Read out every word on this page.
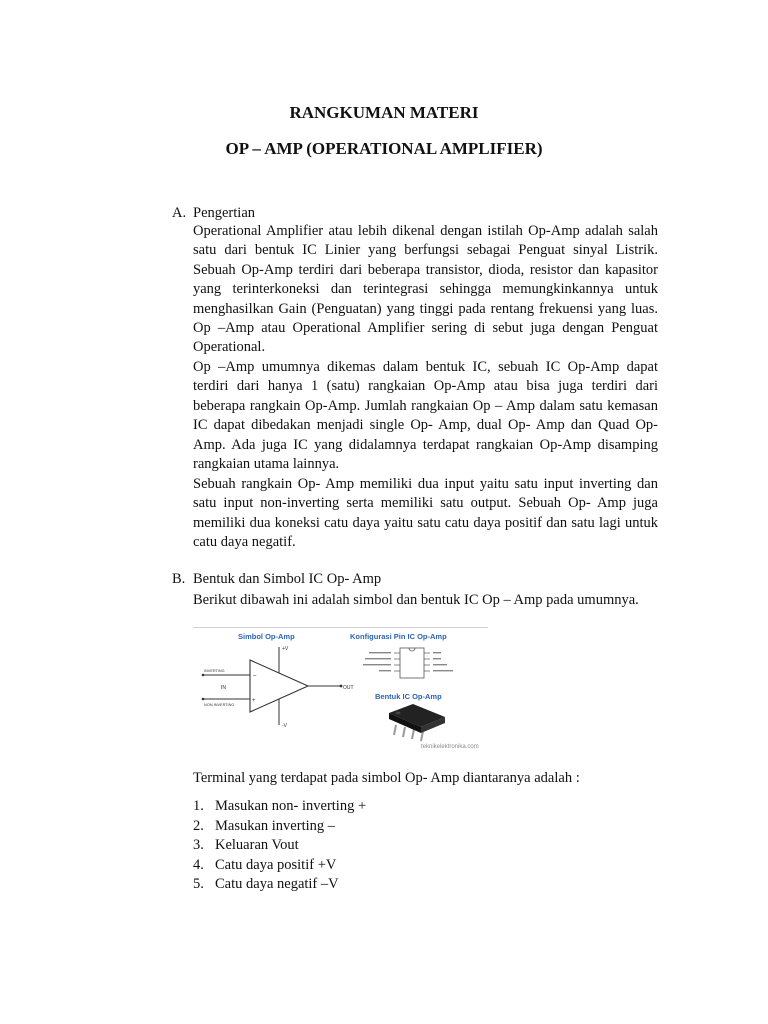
RANGKUMAN MATERI
OP – AMP (OPERATIONAL AMPLIFIER)
A. Pengertian

Operational Amplifier atau lebih dikenal dengan istilah Op-Amp adalah salah satu dari bentuk IC Linier yang berfungsi sebagai Penguat sinyal Listrik. Sebuah Op-Amp terdiri dari beberapa transistor, dioda, resistor dan kapasitor yang terinterkoneksi dan terintegrasi sehingga memungkinkannya untuk menghasilkan Gain (Penguatan) yang tinggi pada rentang frekuensi yang luas. Op –Amp atau Operational Amplifier sering di sebut juga dengan Penguat Operational.

Op –Amp umumnya dikemas dalam bentuk IC, sebuah IC Op-Amp dapat terdiri dari hanya 1 (satu) rangkaian Op-Amp atau bisa juga terdiri dari beberapa rangkain Op-Amp. Jumlah rangkaian Op – Amp dalam satu kemasan IC dapat dibedakan menjadi single Op- Amp, dual Op- Amp dan Quad Op- Amp. Ada juga IC yang didalamnya terdapat rangkaian Op-Amp disamping rangkaian utama lainnya.

Sebuah rangkain Op- Amp memiliki dua input yaitu satu input inverting dan satu input non-inverting serta memiliki satu output. Sebuah Op- Amp juga memiliki dua koneksi catu daya yaitu satu catu daya positif dan satu lagi untuk catu daya negatif.

B. Bentuk dan Simbol IC Op- Amp

Berikut dibawah ini adalah simbol dan bentuk IC Op – Amp pada umumnya.

Simbol Op-Amp	Konfigurasi Pin IC Op-Amp
+V
-V
INVERTING
NON-INVERTING
IN	OUT
–
+	Bentuk IC Op-Amp
teknikelektronika.com
Terminal yang terdapat pada simbol Op- Amp diantaranya adalah :
1. Masukan non- inverting +
2. Masukan inverting –
3. Keluaran Vout
4. Catu daya positif +V
5. Catu daya negatif –V
